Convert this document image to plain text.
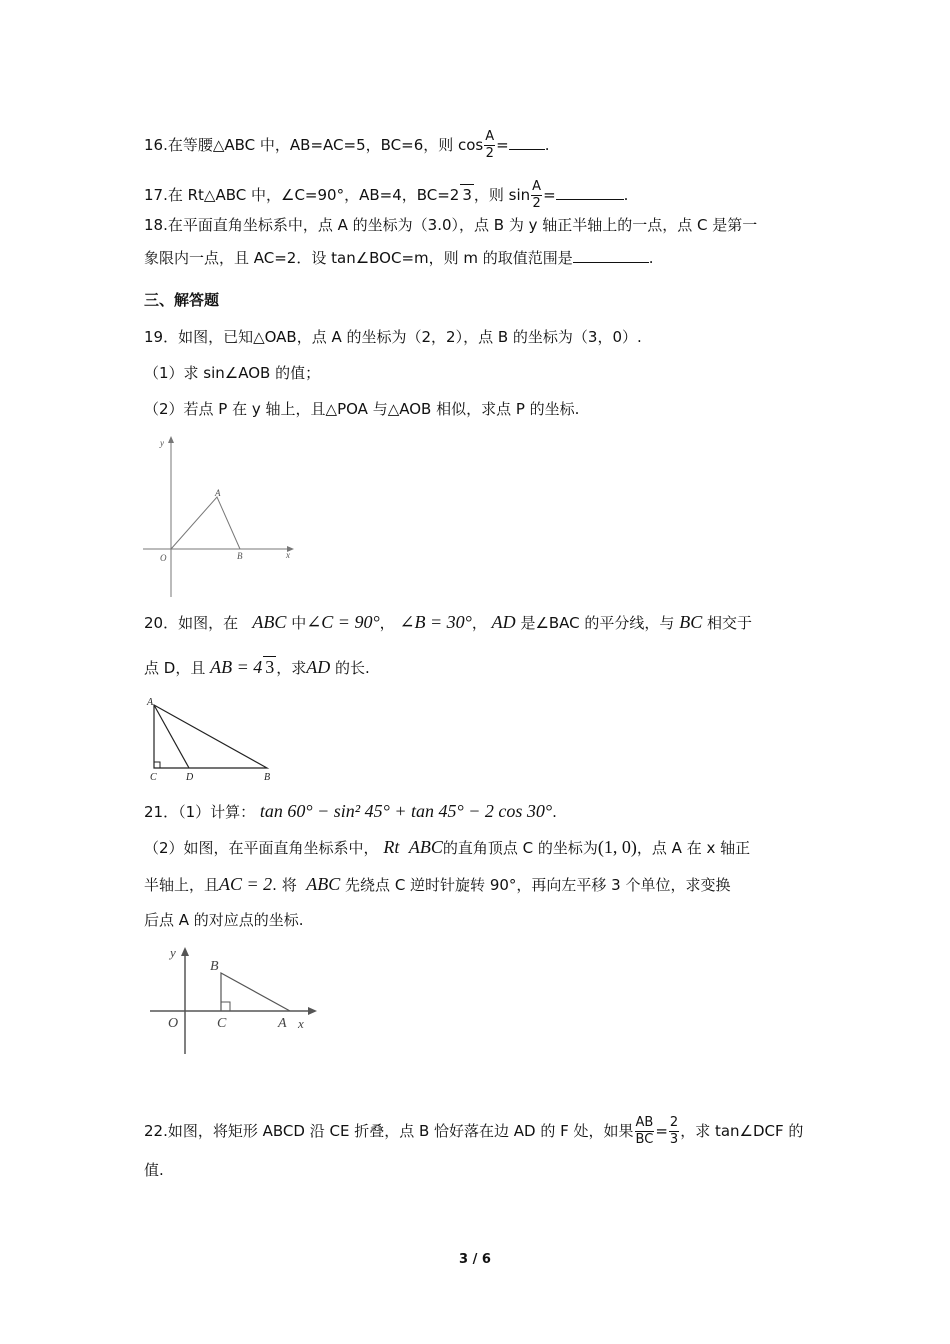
16.在等腰△ABC 中，AB=AC=5，BC=6，则 $\cos \frac{A}{2}$ = .
17.在 Rt△ABC 中，∠C=90°，AB=4，BC=2 3 ，则 $\sin \frac{A}{2}$ =	.
18.在平面直角坐标系中，点 A 的坐标为（3.0），点 B 为 y 轴正半轴上的一点，点 C 是第一
象限内一点，且 AC=2．设 tan∠BOC=m，则 m 的取值范围是	.
三、解答题
19．如图，已知△OAB，点 A 的坐标为（2，2），点 B 的坐标为（3，0）.
（1）求 sin∠AOB 的值；
（2）若点 P 在 y 轴上，且△POA 与△AOB 相似，求点 P 的坐标.
y
O
A
B	x
20．如图，在 ABC 中∠C = 90°， ∠B = 30°， AD 是∠BAC 的平分线，与 BC 相交于
点 D，且 AB = 4 3 ，求AD 的长.
A
C	D	B
21．（1）计算： tan 60° − sin² 45° + tan 45° − 2 cos 30°.
（2）如图，在平面直角坐标系中， Rt ABC的直角顶点 C 的坐标为(1, 0)，点 A 在 x 轴正
半轴上，且AC = 2. 将 ABC 先绕点 C 逆时针旋转 90°，再向左平移 3 个单位，求变换
后点 A 的对应点的坐标.
y
B
O	C	A x
22.如图，将矩形 ABCD 沿 CE 折叠，点 B 恰好落在边 AD 的 F 处，如果 $\frac{AB}{BC} = \frac{2}{3}$ ，求 tan∠DCF 的
值.
3 / 6
